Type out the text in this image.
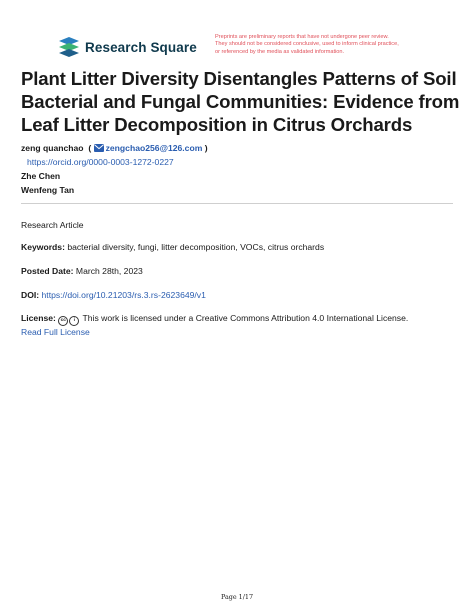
Research Square
Preprints are preliminary reports that have not undergone peer review.
They should not be considered conclusive, used to inform clinical practice,
or referenced by the media as validated information.
Plant Litter Diversity Disentangles Patterns of Soil
Bacterial and Fungal Communities: Evidence from
Leaf Litter Decomposition in Citrus Orchards
zeng quanchao  ( zengchao256@126.com )
https://orcid.org/0000-0003-1272-0227
Zhe Chen
Wenfeng Tan
Research Article
Keywords: bacterial diversity, fungi, litter decomposition, VOCs, citrus orchards
Posted Date: March 28th, 2023
DOI: https://doi.org/10.21203/rs.3.rs-2623649/v1
License: cc i This work is licensed under a Creative Commons Attribution 4.0 International License.
Read Full License
Page 1/17
